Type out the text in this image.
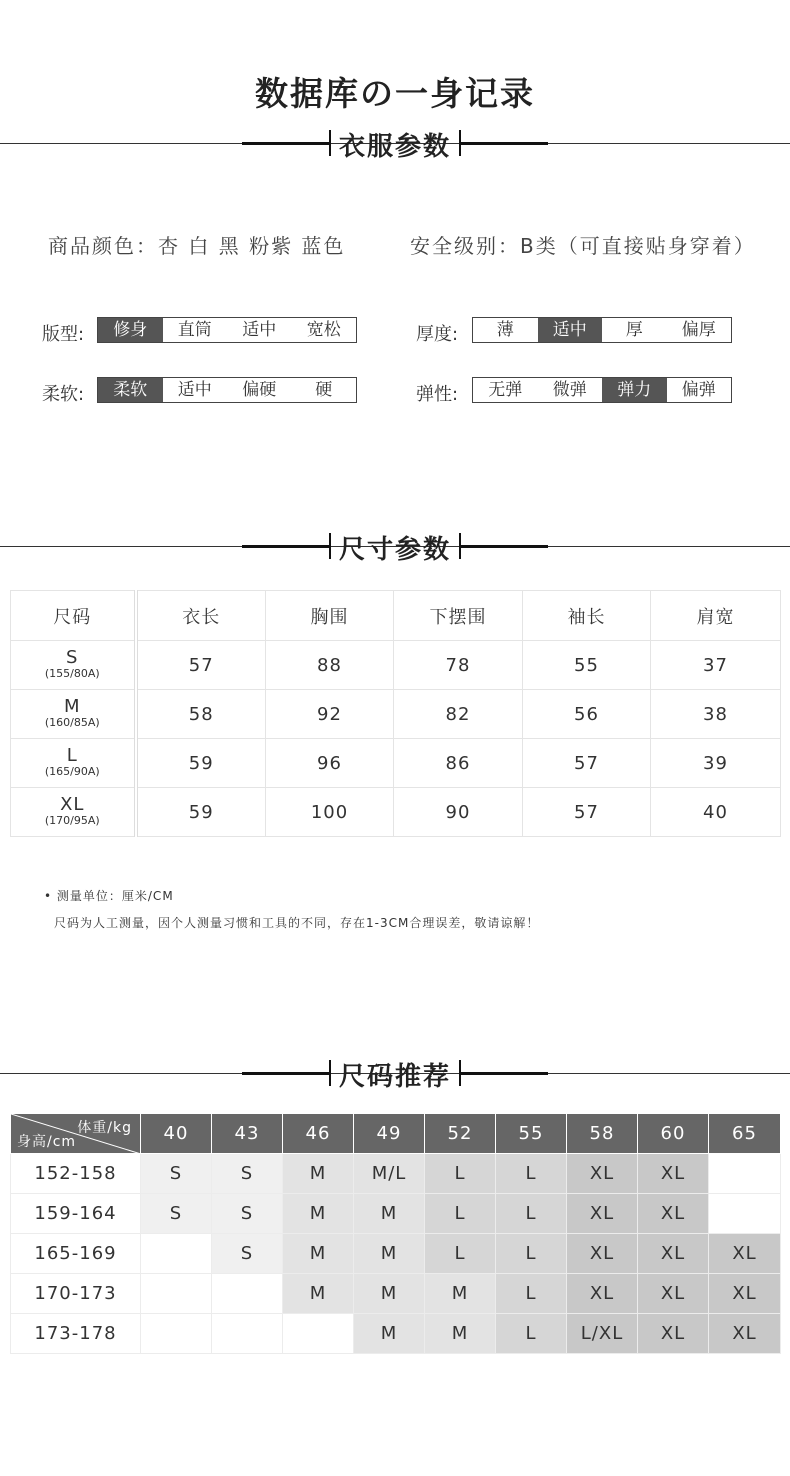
数据库の一身记录
衣服参数
商品颜色：杏 白 黑 粉紫 蓝色	安全级别：B类（可直接贴身穿着）
版型:	修身	直筒	适中	宽松
柔软:	柔软	适中	偏硬	硬
厚度:	薄	适中	厚	偏厚
弹性:	无弹	微弹	弹力	偏弹
尺寸参数
尺码	衣长	胸围	下摆围	袖长	肩宽

S
(155/80A)	57	88	78	55	37

M
(160/85A)	58	92	82	56	38

L
(165/90A)	59	96	86	57	39

XL
(170/95A)	59	100	90	57	40
• 测量单位：厘米/CM
尺码为人工测量，因个人测量习惯和工具的不同，存在1-3CM合理误差，敬请谅解！
尺码推荐
体重/kg
身高/cm	40	43	46	49	52	55	58	60	65
152-158	S	S	M	M/L	L	L	XL	XL	
159-164	S	S	M	M	L	L	XL	XL	
165-169		S	M	M	L	L	XL	XL	XL
170-173			M	M	M	L	XL	XL	XL
173-178				M	M	L	L/XL	XL	XL
